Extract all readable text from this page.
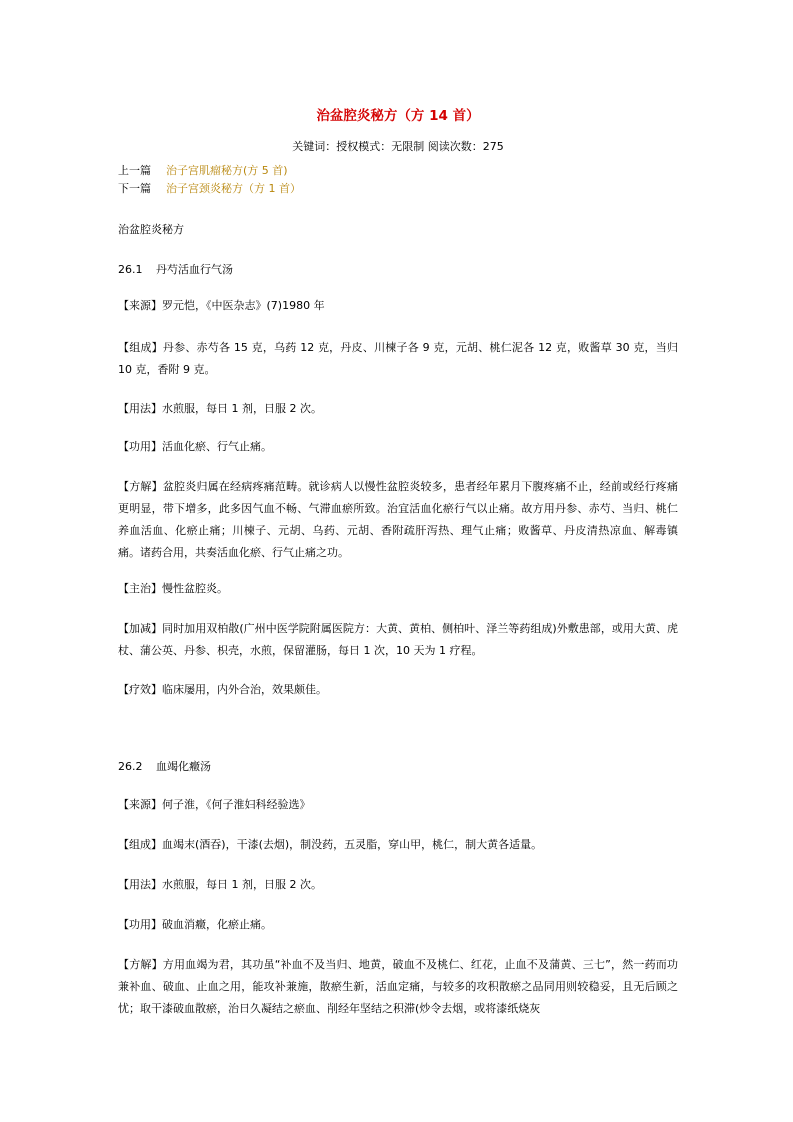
治盆腔炎秘方（方 14 首）
关键词：授权模式：无限制 阅读次数：275
上一篇 治子宫肌瘤秘方(方 5 首)
下一篇 治子宫颈炎秘方（方 1 首）
治盆腔炎秘方
26.1 丹芍活血行气汤
【来源】罗元恺，《中医杂志》(7)1980 年
【组成】丹参、赤芍各 15 克，乌药 12 克，丹皮、川楝子各 9 克，元胡、桃仁泥各 12 克，败酱草 30 克，当归 10 克，香附 9 克。
【用法】水煎服，每日 1 剂，日服 2 次。
【功用】活血化瘀、行气止痛。
【方解】盆腔炎归属在经病疼痛范畴。就诊病人以慢性盆腔炎较多，患者经年累月下腹疼痛不止，经前或经行疼痛更明显，带下增多，此多因气血不畅、气滞血瘀所致。治宜活血化瘀行气以止痛。故方用丹参、赤芍、当归、桃仁养血活血、化瘀止痛；川楝子、元胡、乌药、元胡、香附疏肝泻热、理气止痛；败酱草、丹皮清热凉血、解毒镇痛。诸药合用，共奏活血化瘀、行气止痛之功。
【主治】慢性盆腔炎。
【加减】同时加用双柏散(广州中医学院附属医院方：大黄、黄柏、侧柏叶、泽兰等药组成)外敷患部，或用大黄、虎杖、蒲公英、丹参、枳壳，水煎，保留灌肠，每日 1 次，10 天为 1 疗程。
【疗效】临床屡用，内外合治，效果颇佳。
26.2 血竭化癥汤
【来源】何子淮，《何子淮妇科经验选》
【组成】血竭末(酒吞)，干漆(去烟)，制没药，五灵脂，穿山甲，桃仁，制大黄各适量。
【用法】水煎服，每日 1 剂，日服 2 次。
【功用】破血消癥，化瘀止痛。
【方解】方用血竭为君，其功虽“补血不及当归、地黄，破血不及桃仁、红花，止血不及蒲黄、三七”，然一药而功兼补血、破血、止血之用，能攻补兼施，散瘀生新，活血定痛，与较多的攻积散瘀之品同用则较稳妥，且无后顾之忧；取干漆破血散瘀，治日久凝结之瘀血、削经年坚结之积滞(炒令去烟，或将漆纸烧灰
